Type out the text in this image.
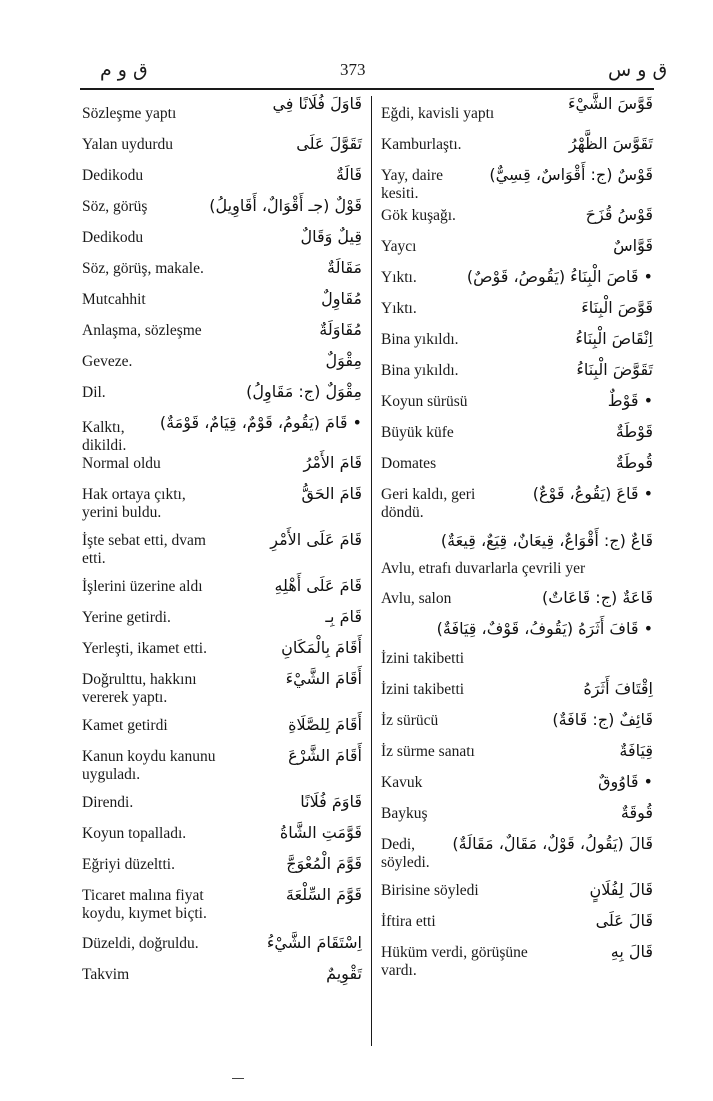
ق و م	373	ق و س
قَاوَلَ فُلَانًا فِي
Sözleşme yaptı
تَقَوَّلَ عَلَى
Yalan uydurdu
قَالَةٌ
Dedikodu
قَوْلٌ (جـ أَقْوَالٌ، أَقَاوِيلُ)
Söz, görüş
قِيلٌ وَقَالٌ
Dedikodu
مَقَالَةٌ
Söz, görüş, makale.
مُقَاوِلٌ
Mutcahhit
مُقَاوَلَةٌ
Anlaşma, sözleşme
مِقْوَلٌ
Geveze.
مِقْوَلٌ (ج: مَقَاوِلُ)
Dil.
• قَامَ (يَقُومُ، قَوْمٌ، قِيَامٌ، قَوْمَةٌ)
Kalktı, dikildi.
قَامَ الأَمْرُ
Normal oldu
قَامَ الحَقُّ
Hak ortaya çıktı, yerini buldu.
قَامَ عَلَى الأَمْرِ
İşte sebat etti, dvam etti.
قَامَ عَلَى أَهْلِهِ
İşlerini üzerine aldı
قَامَ بِـ
Yerine getirdi.
أَقَامَ بِالْمَكَانِ
Yerleşti, ikamet etti.
أَقَامَ الشَّيْءَ
Doğrulttu, hakkını vererek yaptı.
أَقَامَ لِلصَّلَاةِ
Kamet getirdi
أَقَامَ الشَّرْعَ
Kanun koydu kanunu uyguladı.
قَاوَمَ فُلَانًا
Direndi.
قَوَّمَتِ الشَّاةُ
Koyun topalladı.
قَوَّمَ الْمُعْوَجَّ
Eğriyi düzeltti.
قَوَّمَ السِّلْعَةَ
Ticaret malına fiyat koydu, kıymet biçti.
اِسْتَقَامَ الشَّيْءُ
Düzeldi, doğruldu.
تَقْوِيمٌ
Takvim
قَوَّسَ الشَّيْءَ
Eğdi, kavisli yaptı
تَقَوَّسَ الظَّهْرُ
Kamburlaştı.
قَوْسٌ (ج: أَقْوَاسٌ، قِسِيٌّ)
Yay, daire kesiti.
قَوْسُ قُزَحَ
Gök kuşağı.
قَوَّاسٌ
Yaycı
• قَاصَ الْبِنَاءُ (يَقُوصُ، قَوْصٌ)
Yıktı.
قَوَّصَ الْبِنَاءَ
Yıktı.
اِنْقَاصَ الْبِنَاءُ
Bina yıkıldı.
تَقَوَّضَ الْبِنَاءُ
Bina yıkıldı.
• قَوْطٌ
Koyun sürüsü
قَوْطَةٌ
Büyük küfe
قُوطَةٌ
Domates
• قَاعَ (يَقُوعُ، قَوْعٌ)
Geri kaldı, geri döndü.
قَاعٌ (ج: أَقْوَاعٌ، قِيعَانٌ، قِيَعٌ، قِيعَةٌ)
Avlu, etrafı duvarlarla çevrili yer
قَاعَةٌ (ج: قَاعَاتٌ)
Avlu, salon
• قَافَ أَثَرَهُ (يَقُوفُ، قَوْفٌ، قِيَافَةٌ)
İzini takibetti
اِقْتَافَ أَثَرَهُ
İzini takibetti
قَائِفٌ (ج: قَافَةٌ)
İz sürücü
قِيَافَةٌ
İz sürme sanatı
• قَاوُوقٌ
Kavuk
قُوقَةٌ
Baykuş
قَالَ (يَقُولُ، قَوْلٌ، مَقَالٌ، مَقَالَةٌ)
Dedi, söyledi.
قَالَ لِفُلَانٍ
Birisine söyledi
قَالَ عَلَى
İftira etti
قَالَ بِهِ
Hüküm verdi, görüşüne vardı.
